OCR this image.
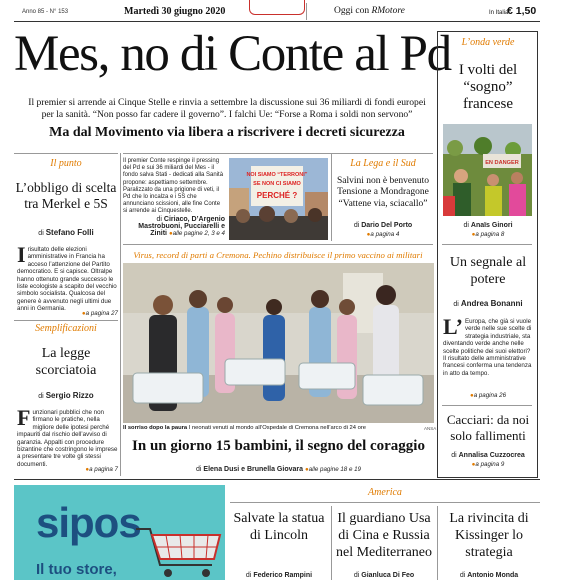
Anno 85 - N° 153	Martedì 30 giugno 2020	Oggi con RMotore	In Italia
€ 1,50
Mes, no di Conte al Pd
Il premier si arrende ai Cinque Stelle e rinvia a settembre la discussione sui 36 miliardi di fondi europei per la sanità. “Non posso far cadere il governo”. I falchi Ue: “Forse a Roma i soldi non servono”
Ma dal Movimento via libera a riscrivere i decreti sicurezza
L’onda verde
I volti del “sogno” francese
EN DANGER
di Anaïs Ginori
●a pagina 8
Un segnale al potere
di Andrea Bonanni
L’ Europa, che già si vuole verde nelle sue scelte di strategia industriale, sta diventando verde anche nelle scelte politiche dei suoi elettori? Il risultato delle amministrative francesi conferma una tendenza in atto da tempo.
●a pagina 26
Cacciari: da noi solo fallimenti
di Annalisa Cuzzocrea
●a pagina 9
Il punto
L’obbligo di scelta tra Merkel e 5S
di Stefano Folli
I risultato delle elezioni amministrative in Francia ha acceso l’attenzione del Partito democratico. E si capisce. Oltralpe hanno ottenuto grande successo le liste ecologiste a scapito del vecchio simbolo socialista. Qualcosa del genere è avvenuto negli ultimi due anni in Germania.
●a pagina 27
Semplificazioni
La legge scorciatoia
di Sergio Rizzo
F unzionari pubblici che non firmano le pratiche, nella migliore delle ipotesi perché impauriti dal rischio dell’avviso di garanzia. Appalti con procedure bizantine che costringono le imprese a presentare tre volte gli stessi documenti.
●a pagina 7
Il premier Conte respinge il pressing del Pd e sui 36 miliardi del Mes - il fondo salva Stati - dedicati alla Sanità propone: aspettiamo settembre. Paralizzato da una prigione di veti, il Pd che lo incalza e i 5S che annunciano scissioni, alle fine Conte si arrende ai Cinquestelle.
di Ciriaco, D’Argenio Mastrobuoni, Pucciarelli e Ziniti ●alle pagine 2, 3 e 4
NOI SIAMO “TERRONI”
SE NON CI SIAMO
PERCHÉ ?
La Lega e il Sud
Salvini non è benvenuto Tensione a Mondragone “Vattene via, sciacallo”
di Dario Del Porto
●a pagina 4
Virus, record di parti a Cremona. Pechino distribuisce il primo vaccino ai militari
Il sorriso dopo la paura I neonati venuti al mondo all’Ospedale di Cremona nell’arco di 24 ore	ANSA
In un giorno 15 bambini, il segno del coraggio
di Elena Dusi e Brunella Giovara ●alle pagine 18 e 19
sipos
Il tuo store,
America
Salvate la statua di Lincoln
di Federico Rampini
Il guardiano Usa di Cina e Russia nel Mediterraneo
di Gianluca Di Feo
La rivincita di Kissinger lo strategia
di Antonio Monda
